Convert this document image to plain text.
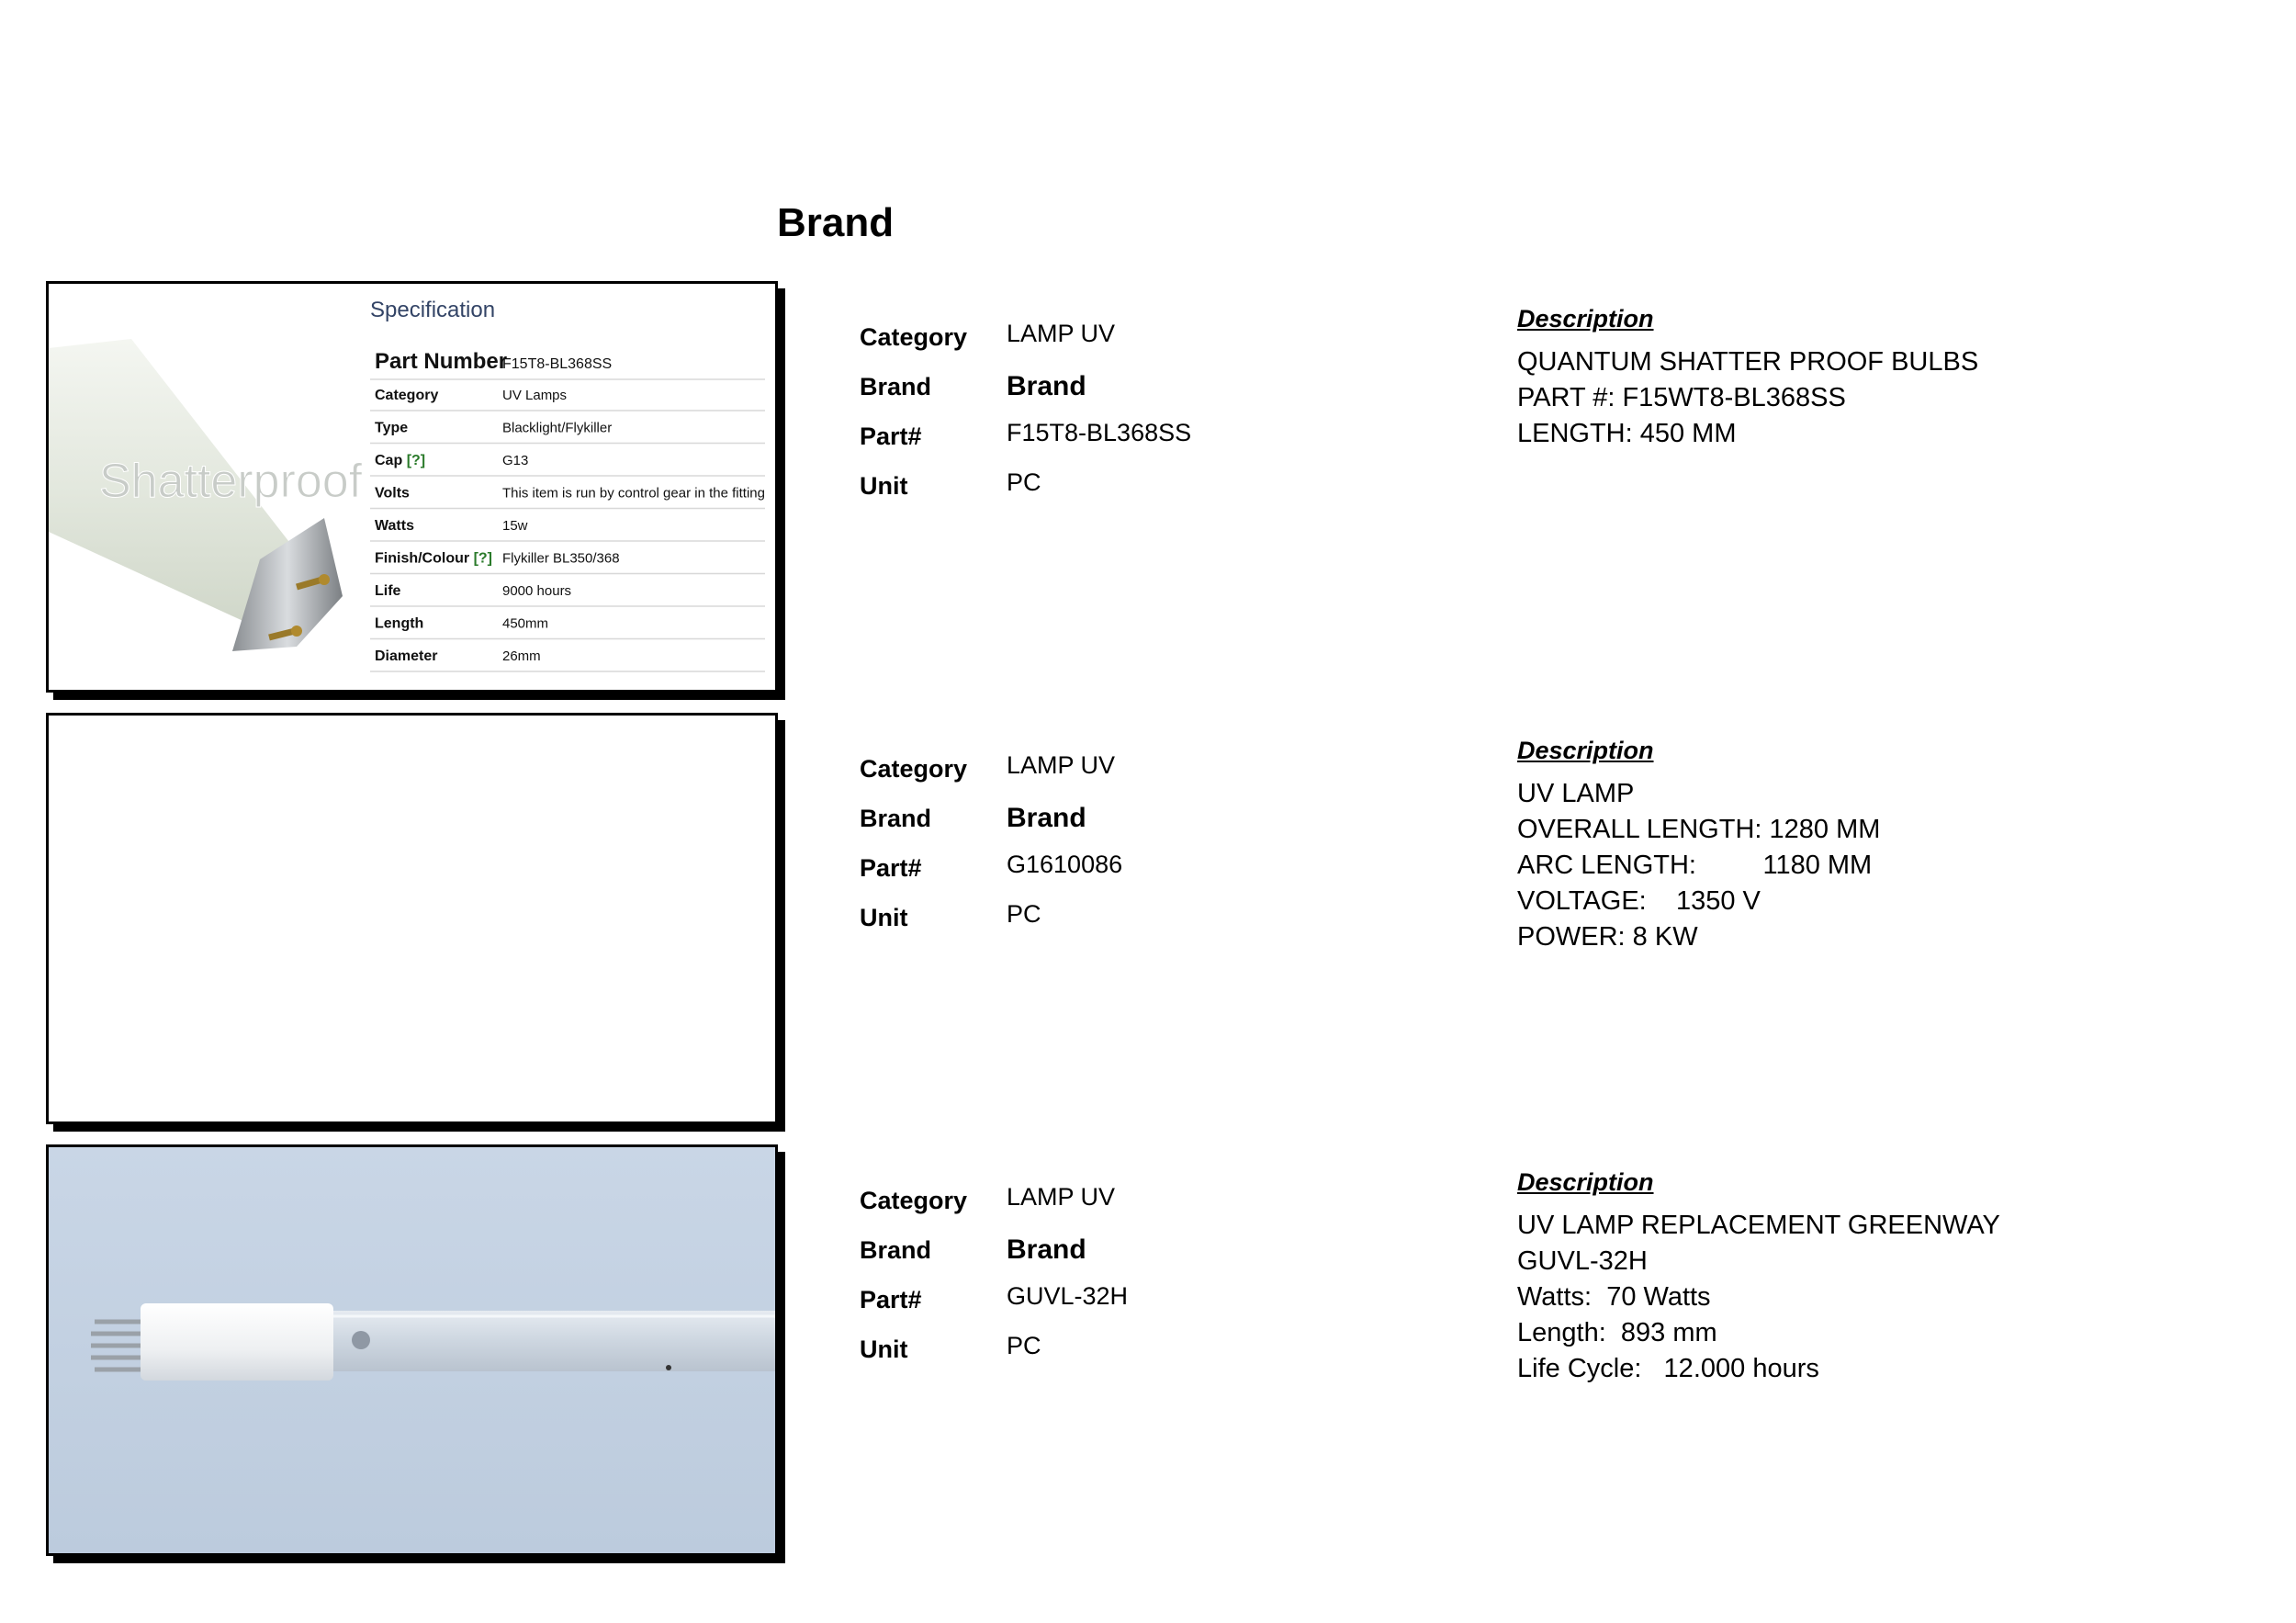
Brand
Shatterproof
Specification
Part Number
F15T8-BL368SS
Category	UV Lamps
Type	Blacklight/Flykiller
Cap [?]	G13
Volts	This item is run by control gear in the fitting
Watts	15w
Finish/Colour [?] Flykiller BL350/368
Life	9000 hours
Length	450mm
Diameter	26mm
Category LAMP UV
Brand	Brand
Part#	F15T8-BL368SS
Unit	PC
Description
QUANTUM SHATTER PROOF BULBS
PART #: F15WT8-BL368SS
LENGTH: 450 MM
Category LAMP UV
Brand	Brand
Part#	G1610086
Unit	PC
Description
UV LAMP
OVERALL LENGTH: 1280 MM
ARC LENGTH:         1180 MM
VOLTAGE:    1350 V
POWER: 8 KW
Category LAMP UV
Brand	Brand
Part#	GUVL-32H
Unit	PC
Description
UV LAMP REPLACEMENT GREENWAY
GUVL-32H
Watts:  70 Watts
Length:  893 mm
Life Cycle:   12.000 hours
